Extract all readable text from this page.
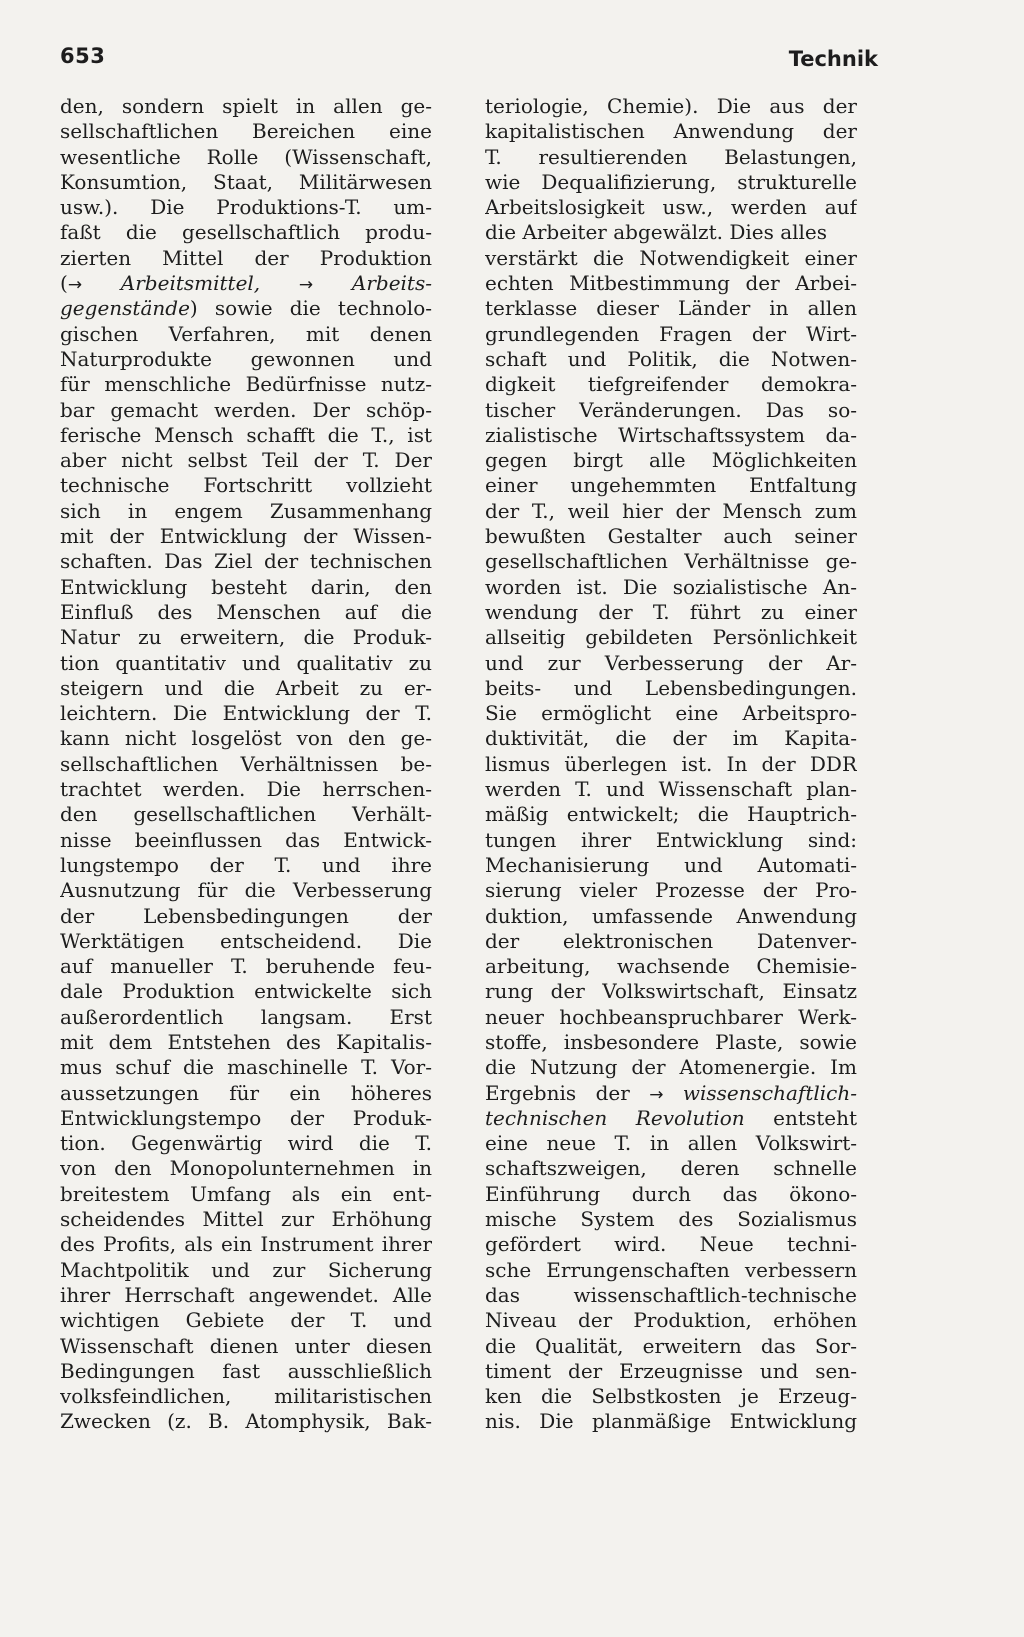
653	Technik
den, sondern spielt in allen ge-
sellschaftlichen Bereichen eine
wesentliche Rolle (Wissenschaft,
Konsumtion, Staat, Militärwesen
usw.). Die Produktions-T. um-
faßt die gesellschaftlich produ-
zierten Mittel der Produktion
(→ Arbeitsmittel, → Arbeits-
gegenstände) sowie die technolo-
gischen Verfahren, mit denen
Naturprodukte gewonnen und
für menschliche Bedürfnisse nutz-
bar gemacht werden. Der schöp-
ferische Mensch schafft die T., ist
aber nicht selbst Teil der T. Der
technische Fortschritt vollzieht
sich in engem Zusammenhang
mit der Entwicklung der Wissen-
schaften. Das Ziel der technischen
Entwicklung besteht darin, den
Einfluß des Menschen auf die
Natur zu erweitern, die Produk-
tion quantitativ und qualitativ zu
steigern und die Arbeit zu er-
leichtern. Die Entwicklung der T.
kann nicht losgelöst von den ge-
sellschaftlichen Verhältnissen be-
trachtet werden. Die herrschen-
den gesellschaftlichen Verhält-
nisse beeinflussen das Entwick-
lungstempo der T. und ihre
Ausnutzung für die Verbesserung
der Lebensbedingungen der
Werktätigen entscheidend. Die
auf manueller T. beruhende feu-
dale Produktion entwickelte sich
außerordentlich langsam. Erst
mit dem Entstehen des Kapitalis-
mus schuf die maschinelle T. Vor-
aussetzungen für ein höheres
Entwicklungstempo der Produk-
tion. Gegenwärtig wird die T.
von den Monopolunternehmen in
breitestem Umfang als ein ent-
scheidendes Mittel zur Erhöhung
des Profits, als ein Instrument ihrer
Machtpolitik und zur Sicherung
ihrer Herrschaft angewendet. Alle
wichtigen Gebiete der T. und
Wissenschaft dienen unter diesen
Bedingungen fast ausschließlich
volksfeindlichen, militaristischen
Zwecken (z. B. Atomphysik, Bak-
teriologie, Chemie). Die aus der
kapitalistischen Anwendung der
T. resultierenden Belastungen,
wie Dequalifizierung, strukturelle
Arbeitslosigkeit usw., werden auf
die Arbeiter abgewälzt. Dies alles
verstärkt die Notwendigkeit einer
echten Mitbestimmung der Arbei-
terklasse dieser Länder in allen
grundlegenden Fragen der Wirt-
schaft und Politik, die Notwen-
digkeit tiefgreifender demokra-
tischer Veränderungen. Das so-
zialistische Wirtschaftssystem da-
gegen birgt alle Möglichkeiten
einer ungehemmten Entfaltung
der T., weil hier der Mensch zum
bewußten Gestalter auch seiner
gesellschaftlichen Verhältnisse ge-
worden ist. Die sozialistische An-
wendung der T. führt zu einer
allseitig gebildeten Persönlichkeit
und zur Verbesserung der Ar-
beits- und Lebensbedingungen.
Sie ermöglicht eine Arbeitspro-
duktivität, die der im Kapita-
lismus überlegen ist. In der DDR
werden T. und Wissenschaft plan-
mäßig entwickelt; die Hauptrich-
tungen ihrer Entwicklung sind:
Mechanisierung und Automati-
sierung vieler Prozesse der Pro-
duktion, umfassende Anwendung
der elektronischen Datenver-
arbeitung, wachsende Chemisie-
rung der Volkswirtschaft, Einsatz
neuer hochbeanspruchbarer Werk-
stoffe, insbesondere Plaste, sowie
die Nutzung der Atomenergie. Im
Ergebnis der → wissenschaftlich-
technischen Revolution entsteht
eine neue T. in allen Volkswirt-
schaftszweigen, deren schnelle
Einführung durch das ökono-
mische System des Sozialismus
gefördert wird. Neue techni-
sche Errungenschaften verbessern
das wissenschaftlich-technische
Niveau der Produktion, erhöhen
die Qualität, erweitern das Sor-
timent der Erzeugnisse und sen-
ken die Selbstkosten je Erzeug-
nis. Die planmäßige Entwicklung
